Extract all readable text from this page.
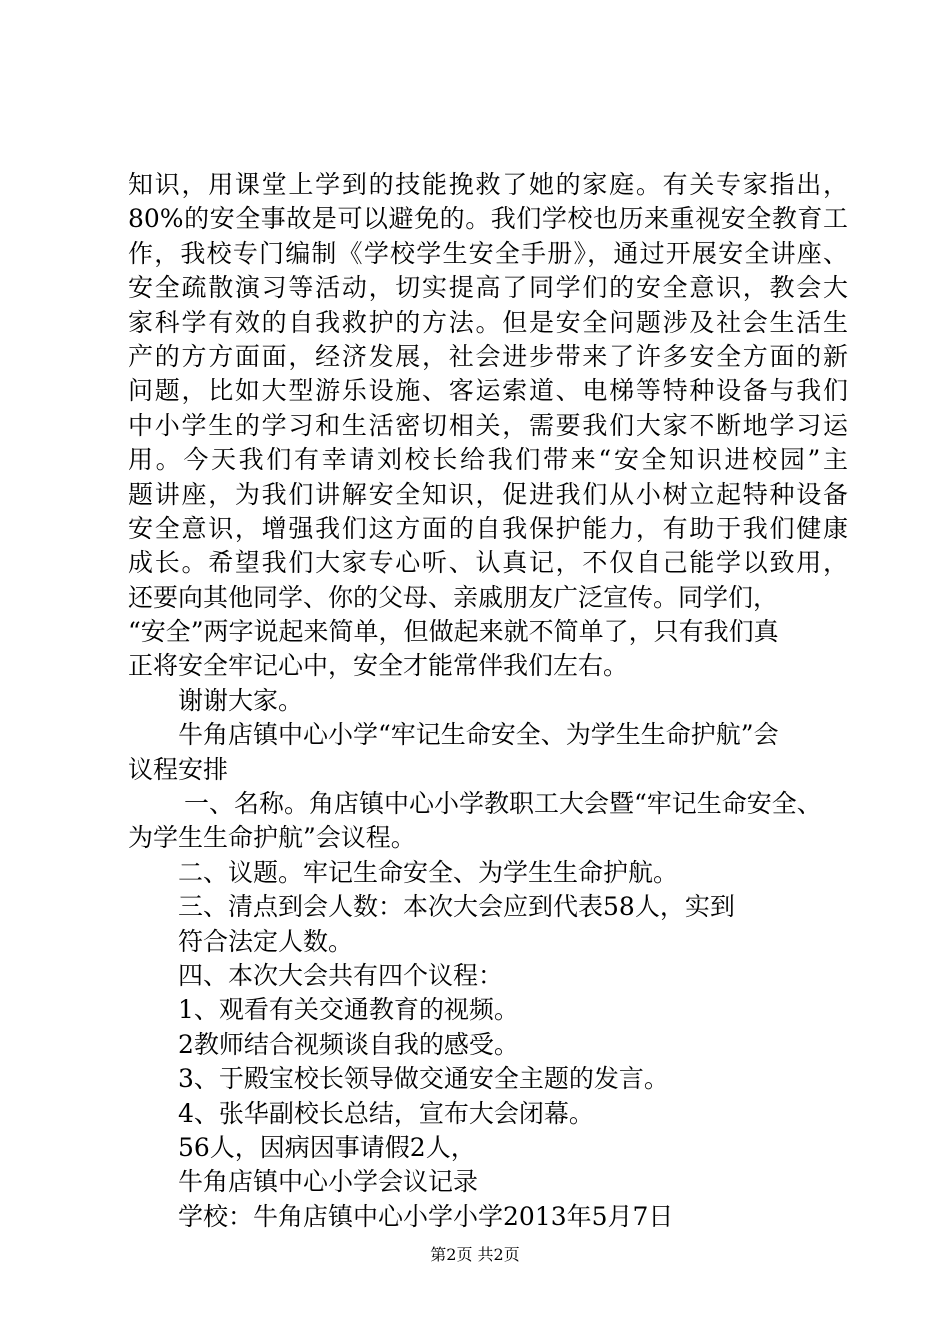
知识，用课堂上学到的技能挽救了她的家庭。有关专家指出，
80%的安全事故是可以避免的。我们学校也历来重视安全教育工
作，我校专门编制《学校学生安全手册》，通过开展安全讲座、
安全疏散演习等活动，切实提高了同学们的安全意识，教会大
家科学有效的自我救护的方法。但是安全问题涉及社会生活生
产的方方面面，经济发展，社会进步带来了许多安全方面的新
问题，比如大型游乐设施、客运索道、电梯等特种设备与我们
中小学生的学习和生活密切相关，需要我们大家不断地学习运
用。今天我们有幸请刘校长给我们带来“安全知识进校园”主
题讲座，为我们讲解安全知识，促进我们从小树立起特种设备
安全意识，增强我们这方面的自我保护能力，有助于我们健康
成长。希望我们大家专心听、认真记，不仅自己能学以致用，
还要向其他同学、你的父母、亲戚朋友广泛宣传。同学们，
“安全”两字说起来简单，但做起来就不简单了，只有我们真
正将安全牢记心中，安全才能常伴我们左右。
谢谢大家。
牛角店镇中心小学“牢记生命安全、为学生生命护航”会
议程安排
一、名称。角店镇中心小学教职工大会暨“牢记生命安全、
为学生生命护航”会议程。
二、议题。牢记生命安全、为学生生命护航。
三、清点到会人数：本次大会应到代表58人，实到
符合法定人数。
四、本次大会共有四个议程：
1、观看有关交通教育的视频。
2教师结合视频谈自我的感受。
3、于殿宝校长领导做交通安全主题的发言。
4、张华副校长总结，宣布大会闭幕。
56人，因病因事请假2人，
牛角店镇中心小学会议记录
学校：牛角店镇中心小学小学2013年5月7日
第2页 共2页
